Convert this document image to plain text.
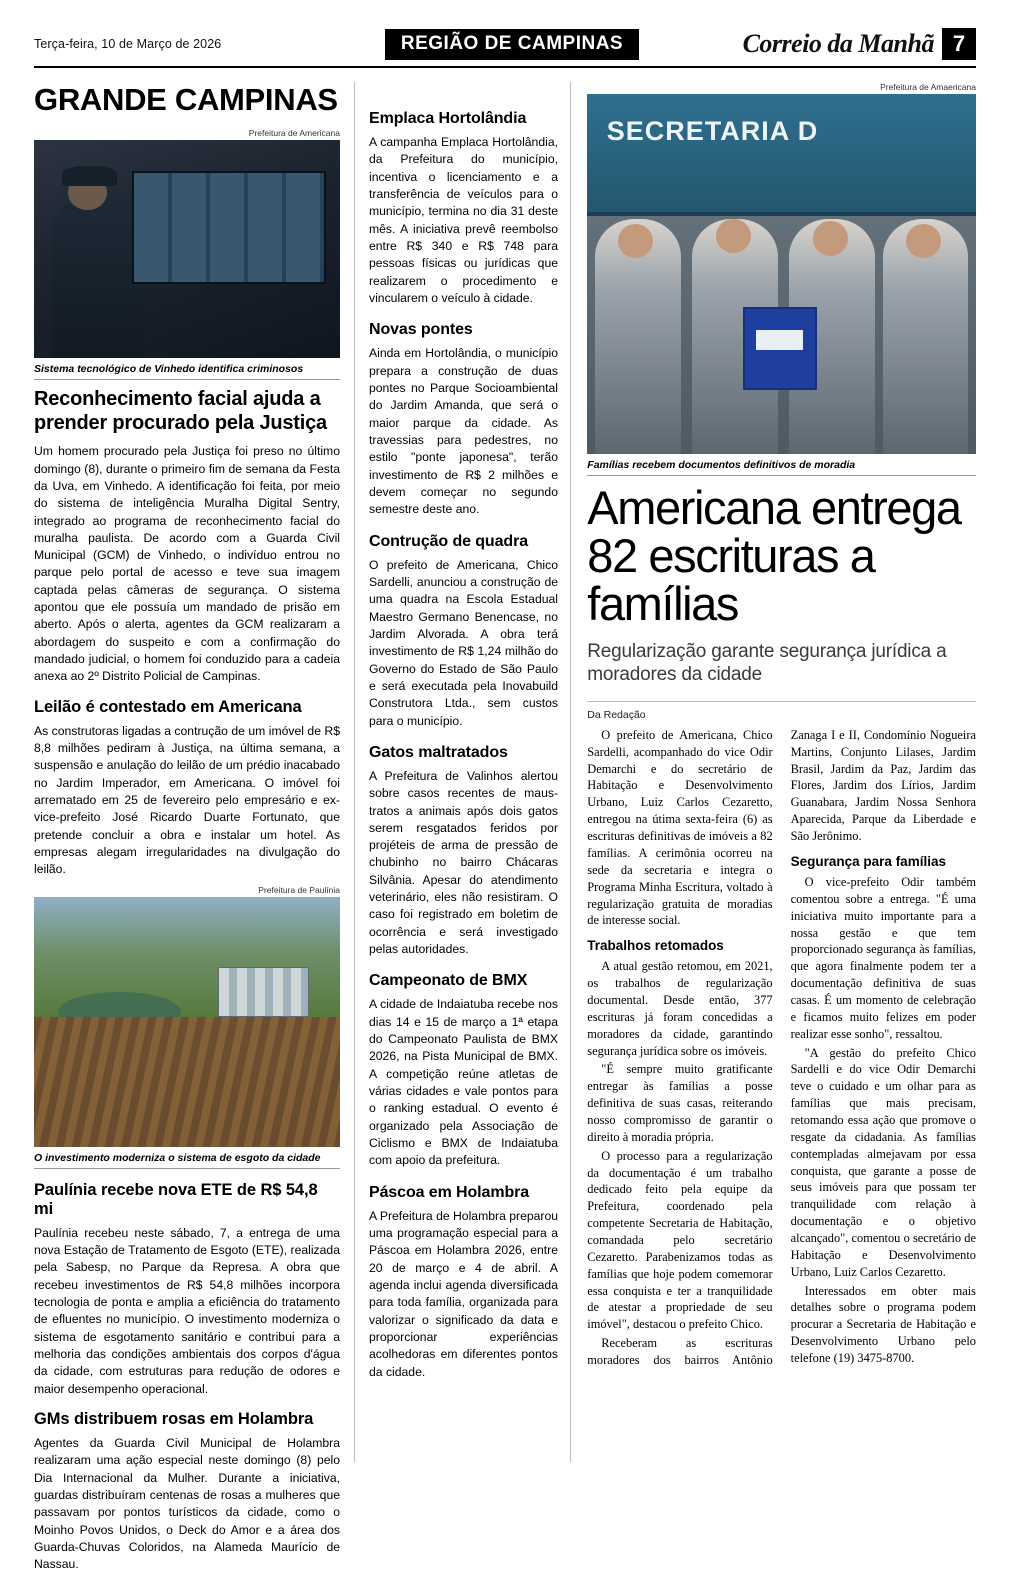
Terça-feira, 10 de Março de 2026	REGIÃO DE CAMPINAS	Correio da Manhã 7
GRANDE CAMPINAS
Prefeitura de Americana
Sistema tecnológico de Vinhedo identifica criminosos
Reconhecimento facial ajuda a prender procurado pela Justiça

Um homem procurado pela Justiça foi preso no último domingo (8), durante o primeiro fim de semana da Festa da Uva, em Vinhedo. A identificação foi feita, por meio do sistema de inteligência Muralha Digital Sentry, integrado ao programa de reconhecimento facial do muralha paulista. De acordo com a Guarda Civil Municipal (GCM) de Vinhedo, o indivíduo entrou no parque pelo portal de acesso e teve sua imagem captada pelas câmeras de segurança. O sistema apontou que ele possuía um mandado de prisão em aberto. Após o alerta, agentes da GCM realizaram a abordagem do suspeito e com a confirmação do mandado judicial, o homem foi conduzido para a cadeia anexa ao 2º Distrito Policial de Campinas.

Leilão é contestado em Americana

As construtoras ligadas a contrução de um imóvel de R$ 8,8 milhões pediram à Justiça, na última semana, a suspensão e anulação do leilão de um prédio inacabado no Jardim Imperador, em Americana. O imóvel foi arrematado em 25 de fevereiro pelo empresário e ex-vice-prefeito José Ricardo Duarte Fortunato, que pretende concluir a obra e instalar um hotel. As empresas alegam irregularidades na divulgação do leilão.

Prefeitura de Paulínia
O investimento moderniza o sistema de esgoto da cidade
Paulínia recebe nova ETE de R$ 54,8 mi

Paulínia recebeu neste sábado, 7, a entrega de uma nova Estação de Tratamento de Esgoto (ETE), realizada pela Sabesp, no Parque da Represa. A obra que recebeu investimentos de R$ 54,8 milhões incorpora tecnologia de ponta e amplia a eficiência do tratamento de efluentes no município. O investimento moderniza o sistema de esgotamento sanitário e contribui para a melhoria das condições ambientais dos corpos d'água da cidade, com estruturas para redução de odores e maior desempenho operacional.

GMs distribuem rosas em Holambra

Agentes da Guarda Civil Municipal de Holambra realizaram uma ação especial neste domingo (8) pelo Dia Internacional da Mulher. Durante a iniciativa, guardas distribuíram centenas de rosas a mulheres que passavam por pontos turísticos da cidade, como o Moinho Povos Unidos, o Deck do Amor e a área dos Guarda-Chuvas Coloridos, na Alameda Maurício de Nassau.

Emplaca Hortolândia

A campanha Emplaca Hortolândia, da Prefeitura do município, incentiva o licenciamento e a transferência de veículos para o município, termina no dia 31 deste mês. A iniciativa prevê reembolso entre R$ 340 e R$ 748 para pessoas físicas ou jurídicas que realizarem o procedimento e vincularem o veículo à cidade.

Novas pontes

Ainda em Hortolândia, o município prepara a construção de duas pontes no Parque Socioambiental do Jardim Amanda, que será o maior parque da cidade. As travessias para pedestres, no estilo "ponte japonesa", terão investimento de R$ 2 milhões e devem começar no segundo semestre deste ano.

Contrução de quadra

O prefeito de Americana, Chico Sardelli, anunciou a construção de uma quadra na Escola Estadual Maestro Germano Benencase, no Jardim Alvorada. A obra terá investimento de R$ 1,24 milhão do Governo do Estado de São Paulo e será executada pela Inovabuild Construtora Ltda., sem custos para o município.

Gatos maltratados

A Prefeitura de Valinhos alertou sobre casos recentes de maus-tratos a animais após dois gatos serem resgatados feridos por projéteis de arma de pressão de chubinho no bairro Chácaras Silvânia. Apesar do atendimento veterinário, eles não resistiram. O caso foi registrado em boletim de ocorrência e será investigado pelas autoridades.

Campeonato de BMX

A cidade de Indaiatuba recebe nos dias 14 e 15 de março a 1ª etapa do Campeonato Paulista de BMX 2026, na Pista Municipal de BMX. A competição reúne atletas de várias cidades e vale pontos para o ranking estadual. O evento é organizado pela Associação de Ciclismo e BMX de Indaiatuba com apoio da prefeitura.

Páscoa em Holambra

A Prefeitura de Holambra preparou uma programação especial para a Páscoa em Holambra 2026, entre 20 de março e 4 de abril. A agenda inclui agenda diversificada para toda família, organizada para valorizar o significado da data e proporcionar experiências acolhedoras em diferentes pontos da cidade.

Prefeitura de Amaericana
SECRETARIA D
Famílias recebem documentos definitivos de moradia
Americana entrega 82 escrituras a famílias
Regularização garante segurança jurídica a moradores da cidade
Da Redação

O prefeito de Americana, Chico Sardelli, acompanhado do vice Odir Demarchi e do secretário de Habitação e Desenvolvimento Urbano, Luiz Carlos Cezaretto, entregou na útima sexta-feira (6) as escrituras definitivas de imóveis a 82 famílias. A cerimônia ocorreu na sede da secretaria e integra o Programa Minha Escritura, voltado à regularização gratuita de moradias de interesse social.

Trabalhos retomados

A atual gestão retomou, em 2021, os trabalhos de regularização documental. Desde então, 377 escrituras já foram concedidas a moradores da cidade, garantindo segurança jurídica sobre os imóveis.

"É sempre muito gratificante entregar às famílias a posse definitiva de suas casas, reiterando nosso compromisso de garantir o direito à moradia própria.

O processo para a regularização da documentação é um trabalho dedicado feito pela equipe da Prefeitura, coordenado pela competente Secretaria de Habitação, comandada pelo secretário Cezaretto. Parabenizamos todas as famílias que hoje podem comemorar essa conquista e ter a tranquilidade de atestar a propriedade de seu imóvel", destacou o prefeito Chico.

Receberam as escrituras moradores dos bairros Antônio Zanaga I e II, Condomínio Nogueira Martins, Conjunto Lilases, Jardim Brasil, Jardim da Paz, Jardim das Flores, Jardim dos Lírios, Jardim Guanabara, Jardim Nossa Senhora Aparecida, Parque da Liberdade e São Jerônimo.

Segurança para famílias

O vice-prefeito Odir também comentou sobre a entrega. "É uma iniciativa muito importante para a nossa gestão e que tem proporcionado segurança às famílias, que agora finalmente podem ter a documentação definitiva de suas casas. É um momento de celebração e ficamos muito felizes em poder realizar esse sonho", ressaltou.

"A gestão do prefeito Chico Sardelli e do vice Odir Demarchi teve o cuidado e um olhar para as famílias que mais precisam, retomando essa ação que promove o resgate da cidadania. As famílias contempladas almejavam por essa conquista, que garante a posse de seus imóveis para que possam ter tranquilidade com relação à documentação e o objetivo alcançado", comentou o secretário de Habitação e Desenvolvimento Urbano, Luiz Carlos Cezaretto.

Interessados em obter mais detalhes sobre o programa podem procurar a Secretaria de Habitação e Desenvolvimento Urbano pelo telefone (19) 3475-8700.
